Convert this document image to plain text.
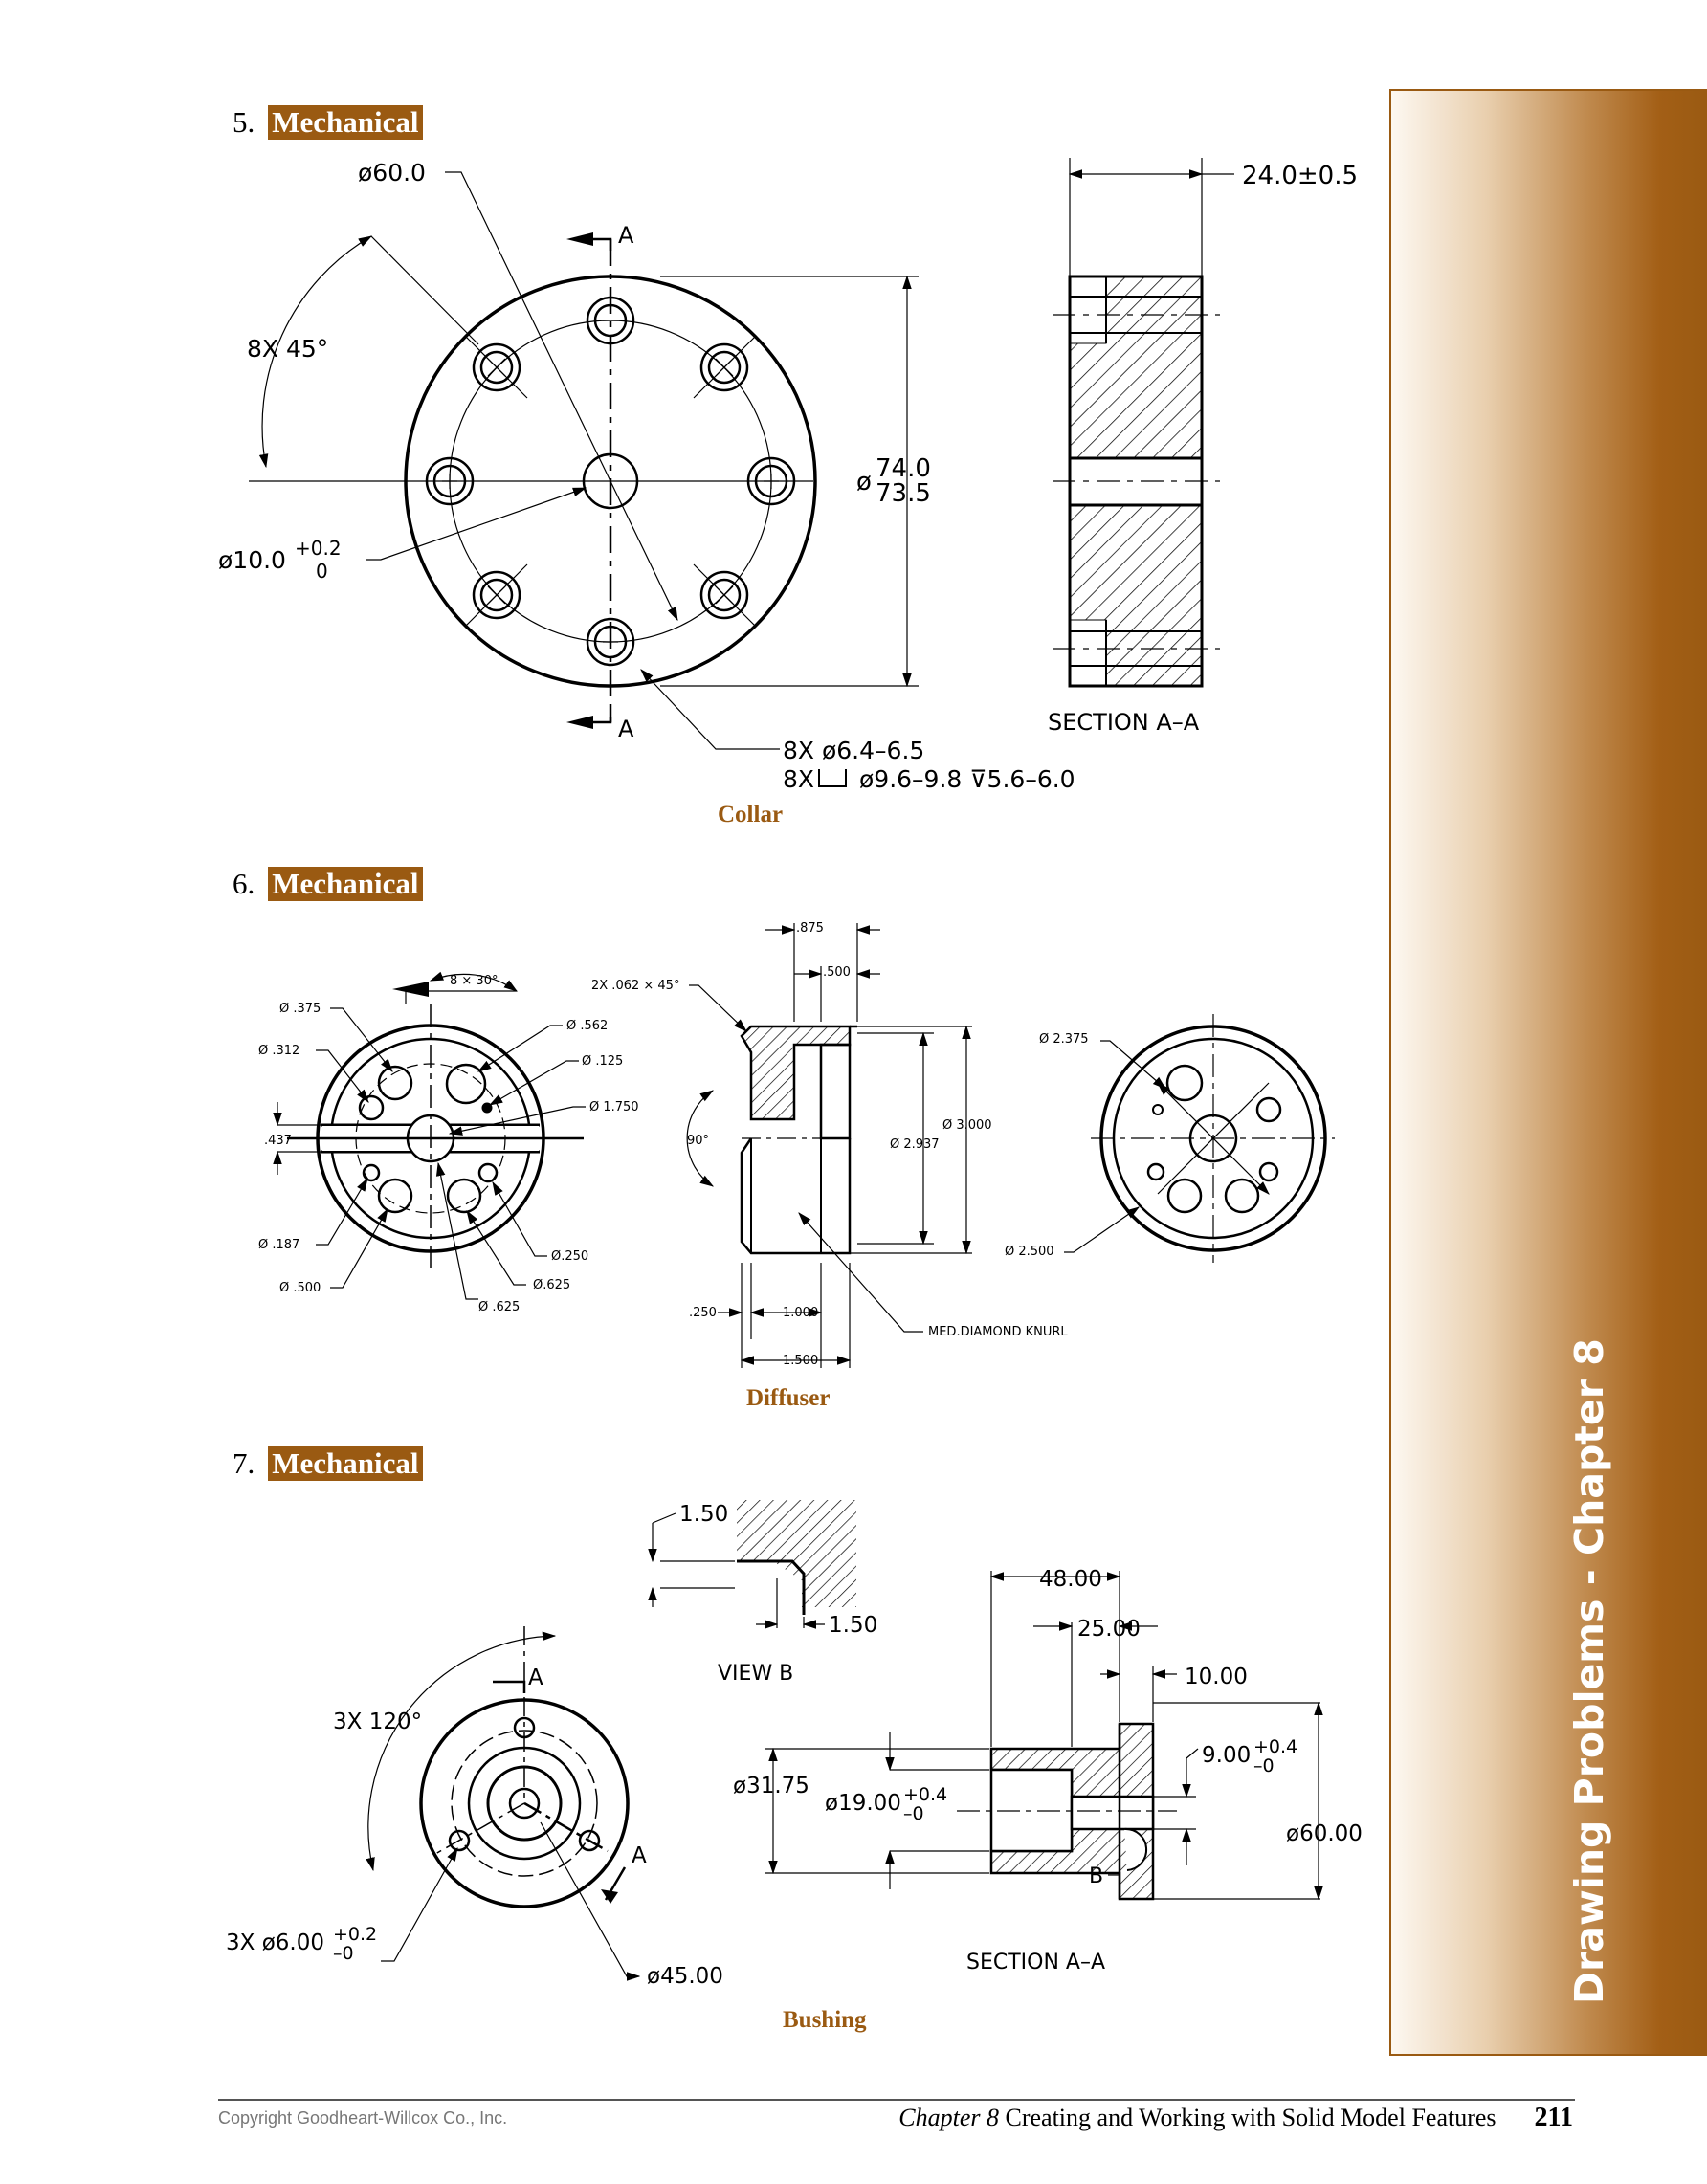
Drawing Problems - Chapter 8
5. Mechanical
6. Mechanical
7. Mechanical
Collar
Diffuser
Bushing
ø60.0
8X 45°
ø10.0 +0.2
0
A
A
ø 74.0
73.5
8X ø6.4–6.5
8X ø9.6–9.8 ⊽5.6–6.0
24.0±0.5
SECTION A–A
Ø .375
Ø .312
.437
Ø .187
Ø .500
Ø .625
Ø.625
Ø.250
Ø 1.750
Ø .125
Ø .562
8 × 30°
.875
.500
2X .062 × 45°
Ø 3.000
Ø 2.937
90°
.250	1.000
1.500
MED.DIAMOND KNURL
Ø 2.375
Ø 2.500
3X 120°
A
A
3X ø6.00 +0.2
–0
ø45.00
1.50
1.50
VIEW B
48.00
25.00
10.00
9.00 +0.4
–0
ø31.75
ø19.00 +0.4
–0
ø60.00
B
SECTION A–A
Copyright Goodheart-Willcox Co., Inc.	Chapter 8 Creating and Working with Solid Model Features 211
